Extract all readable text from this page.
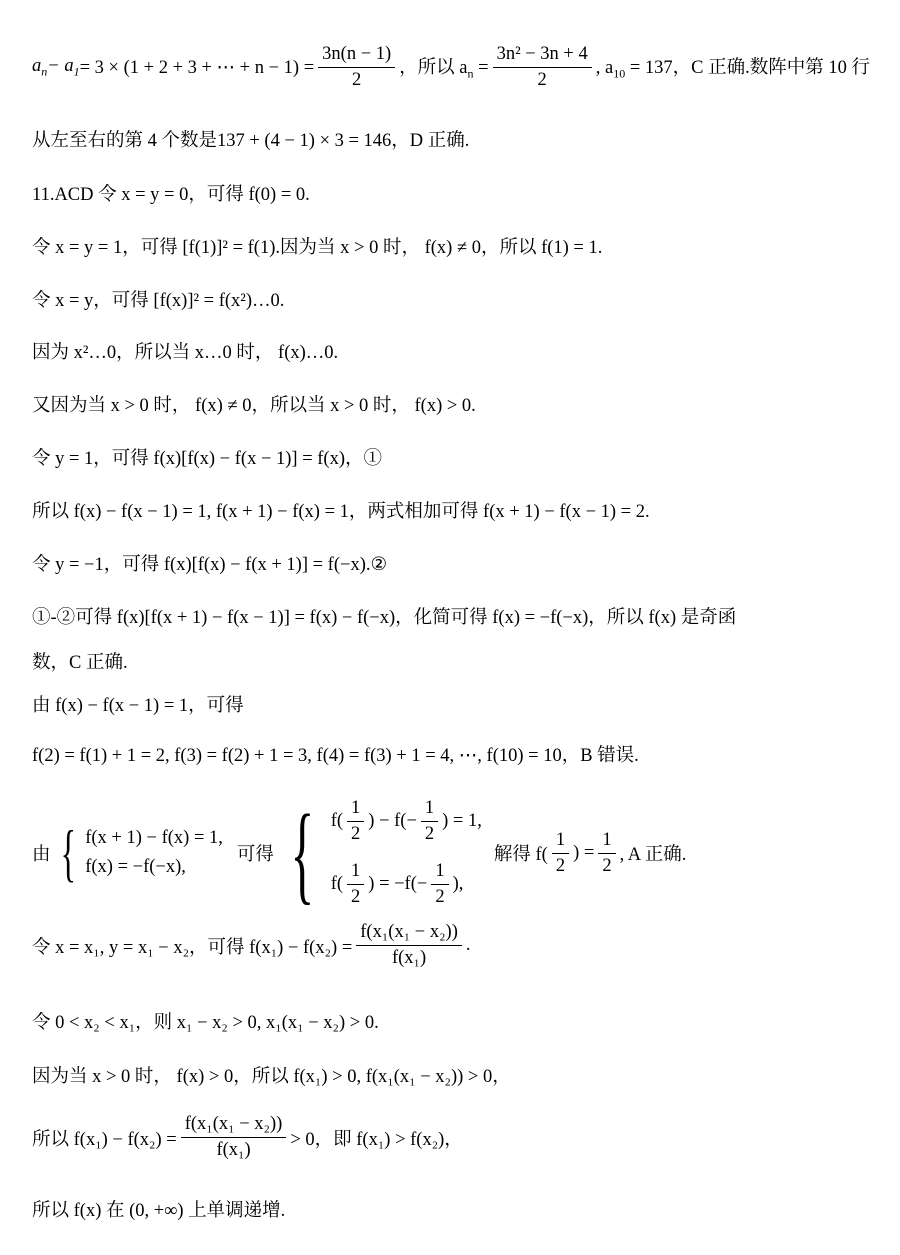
$a_n - a_1 = 3 \times (1 + 2 + 3$ + ⋯ + $n - 1) = \frac{3n(n - 1)}{2}$ ，所以 $a_n = \frac{\text{3n² − 3n + 4}}{2}$ , $a_{10} = 137$，C 正确.数阵中第 10 行
从左至右的第 4 个数是137 + (4 − 1) × 3 = 146，D 正确.
11.ACD 令 x = y = 0，可得 f(0) = 0.
令 x = y = 1，可得 [f(1)]² = f(1).因为当 x > 0 时， f(x) ≠ 0，所以 f(1) = 1.
令 x = y，可得 [f(x)]² = f(x²)…0.
因为 x²…0，所以当 x…0 时， f(x)…0.
又因为当 x > 0 时， f(x) ≠ 0，所以当 x > 0 时， f(x) > 0.
令 y = 1，可得 f(x)[f(x) − f(x − 1)] = f(x)，①
所以 f(x) − f(x − 1) = 1, f(x + 1) − f(x) = 1，两式相加可得 f(x + 1) − f(x − 1) = 2.
令 y = −1，可得 f(x)[f(x) − f(x + 1)] = f(−x).②
①-②可得 f(x)[f(x + 1) − f(x − 1)] = f(x) − f(−x)，化简可得 f(x) = −f(−x)，所以 f(x) 是奇函
数，C 正确.
由 f(x) − f(x − 1) = 1，可得
f(2) = f(1) + 1 = 2, f(3) = f(2) + 1 = 3, f(4) = f(3) + 1 = 4, ⋯, f(10) = 10，B 错误.
由 { f(x + 1) − f(x) = 1,
f(x) = −f(−x),
可得 { $f( \frac{1}{2}$ ) − $f(- \frac{1}{2}$ ) = 1,
$f( \frac{1}{2}$ ) = $-f(- \frac{1}{2}$ ),
解得 $f( \frac{1}{2}$ ) = $\frac{1}{2}$ , A 正确.
令 x = x₁, y = x₁ − x₂，可得 $f(x_1) - f(x_2) = \frac{\text{f(x₁(x₁ − x₂))}}{\text{f(x₁)}}$ .
令 0 < x₂ < x₁，则 x₁ − x₂ > 0, x₁(x₁ − x₂) > 0.
因为当 x > 0 时， f(x) > 0，所以 f(x₁) > 0, f(x₁(x₁ − x₂)) > 0，
所以 $f(x_1) - f(x_2) = \frac{\text{f(x₁(x₁ − x₂))}}{\text{f(x₁)}} > 0$，即 f(x₁) > f(x₂)，
所以 f(x) 在 (0, +∞) 上单调递增.
